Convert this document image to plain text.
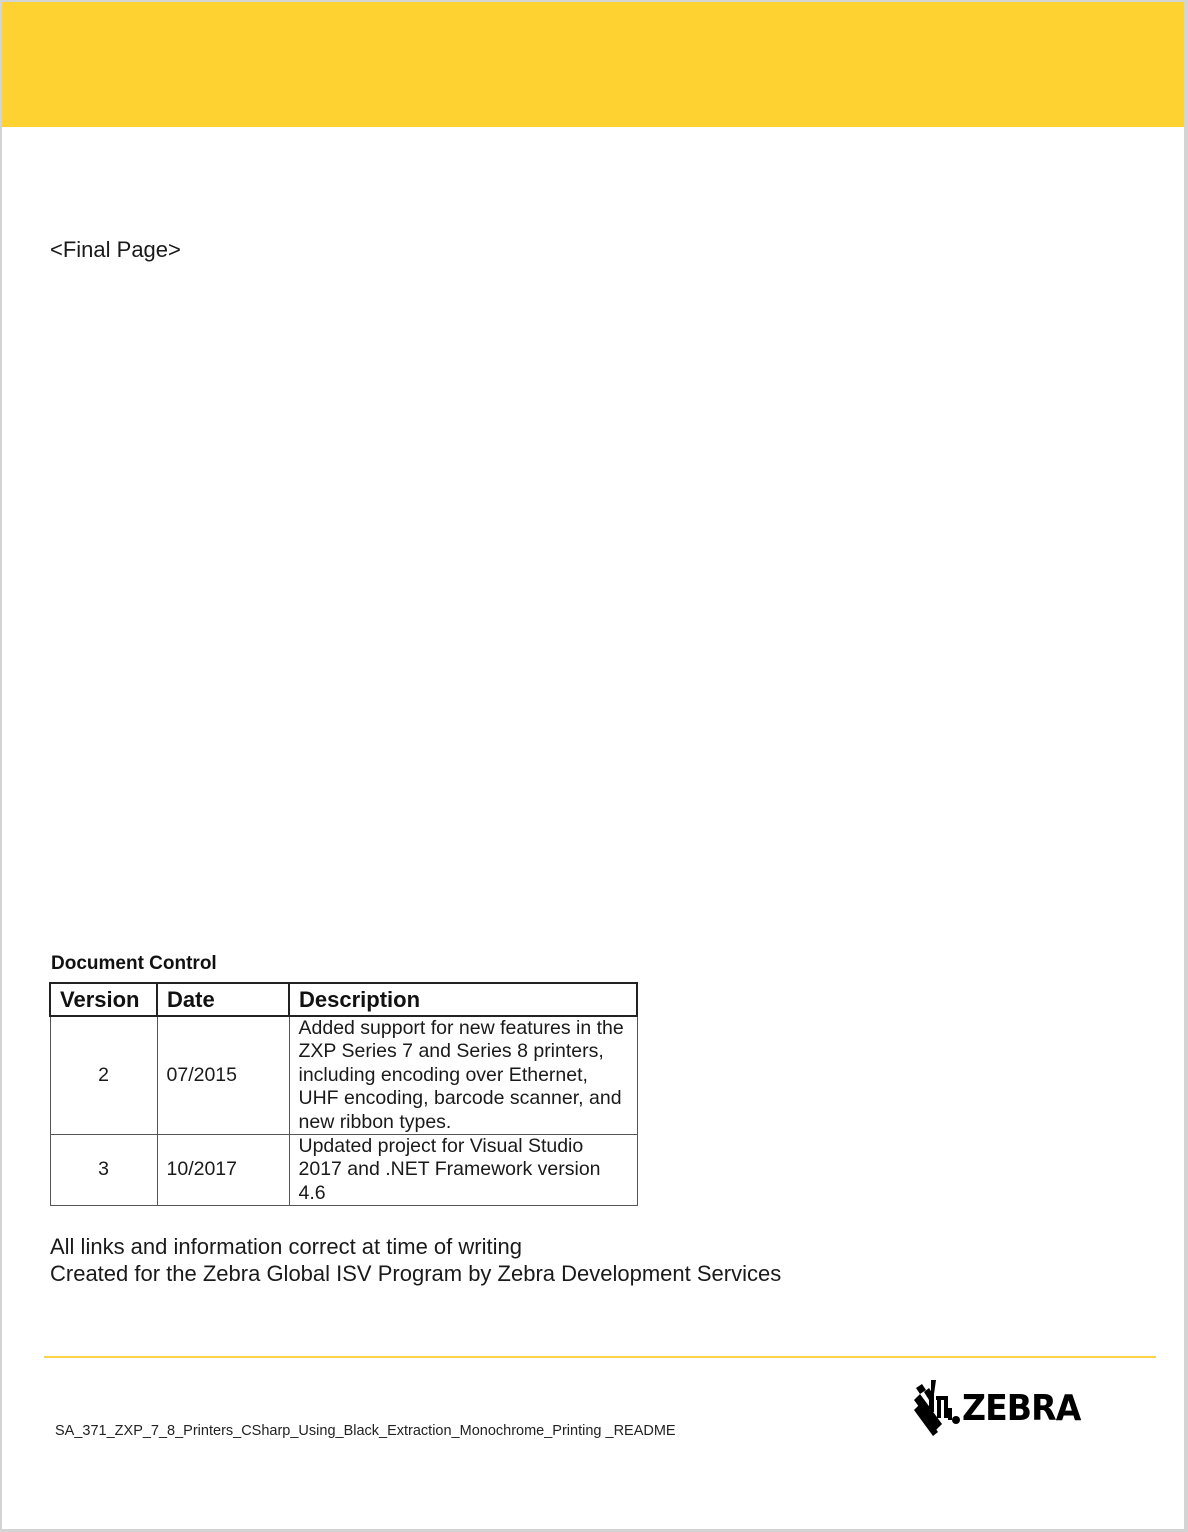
<Final Page>
Document Control
Version	Date	Description
2	07/2015	Added support for new features in the ZXP Series 7 and Series 8 printers, including encoding over Ethernet, UHF encoding, barcode scanner, and new ribbon types.
3	10/2017	Updated project for Visual Studio 2017 and .NET Framework version 4.6
All links and information correct at time of writing
Created for the Zebra Global ISV Program by Zebra Development Services
SA_371_ZXP_7_8_Printers_CSharp_Using_Black_Extraction_Monochrome_Printing _README
ZEBRA
